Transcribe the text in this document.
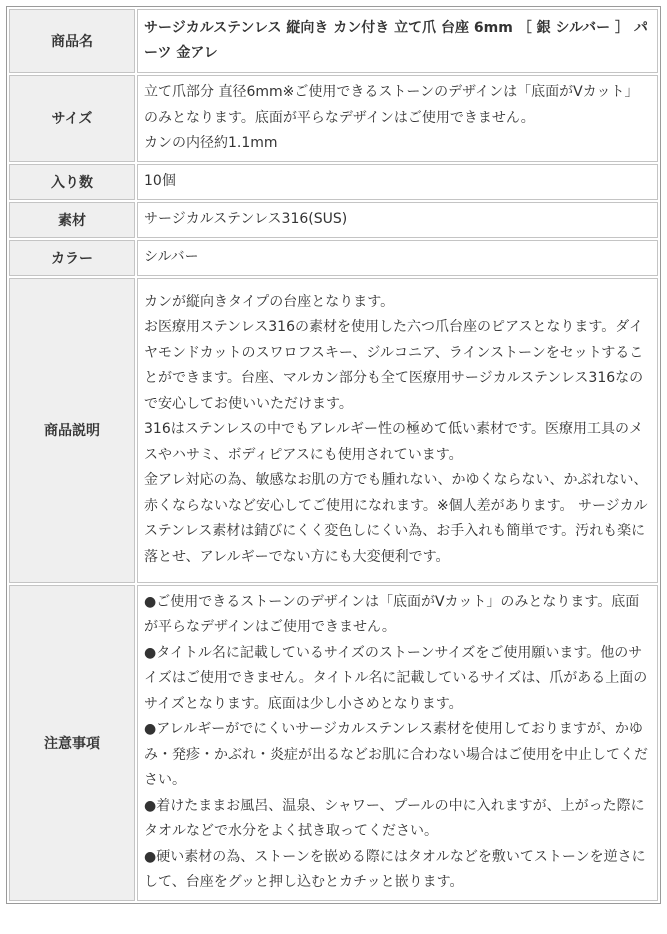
商品名	サージカルステンレス 縦向き カン付き 立て爪 台座 6mm ［ 銀 シルバー ］ パーツ 金アレ

サイズ	立て爪部分 直径6mm※ご使用できるストーンのデザインは「底面がVカット」のみとなります。底面が平らなデザインはご使用できません。
カンの内径約1.1mm

入り数	10個

素材	サージカルステンレス316(SUS)

カラー	シルバー

商品説明	カンが縦向きタイプの台座となります。
お医療用ステンレス316の素材を使用した六つ爪台座のピアスとなります。ダイヤモンドカットのスワロフスキー、ジルコニア、ラインストーンをセットすることができます。台座、マルカン部分も全て医療用サージカルステンレス316なので安心してお使いいただけます。
316はステンレスの中でもアレルギー性の極めて低い素材です。医療用工具のメスやハサミ、ボディピアスにも使用されています。
金アレ対応の為、敏感なお肌の方でも腫れない、かゆくならない、かぶれない、赤くならないなど安心してご使用になれます。※個人差があります。 サージカルステンレス素材は錆びにくく変色しにくい為、お手入れも簡単です。汚れも楽に落とせ、アレルギーでない方にも大変便利です。

注意事項	●ご使用できるストーンのデザインは「底面がVカット」のみとなります。底面が平らなデザインはご使用できません。
●タイトル名に記載しているサイズのストーンサイズをご使用願います。他のサイズはご使用できません。タイトル名に記載しているサイズは、爪がある上面のサイズとなります。底面は少し小さめとなります。
●アレルギーがでにくいサージカルステンレス素材を使用しておりますが、かゆみ・発疹・かぶれ・炎症が出るなどお肌に合わない場合はご使用を中止してください。
●着けたままお風呂、温泉、シャワー、プールの中に入れますが、上がった際にタオルなどで水分をよく拭き取ってください。
●硬い素材の為、ストーンを嵌める際にはタオルなどを敷いてストーンを逆さにして、台座をグッと押し込むとカチッと嵌ります。
